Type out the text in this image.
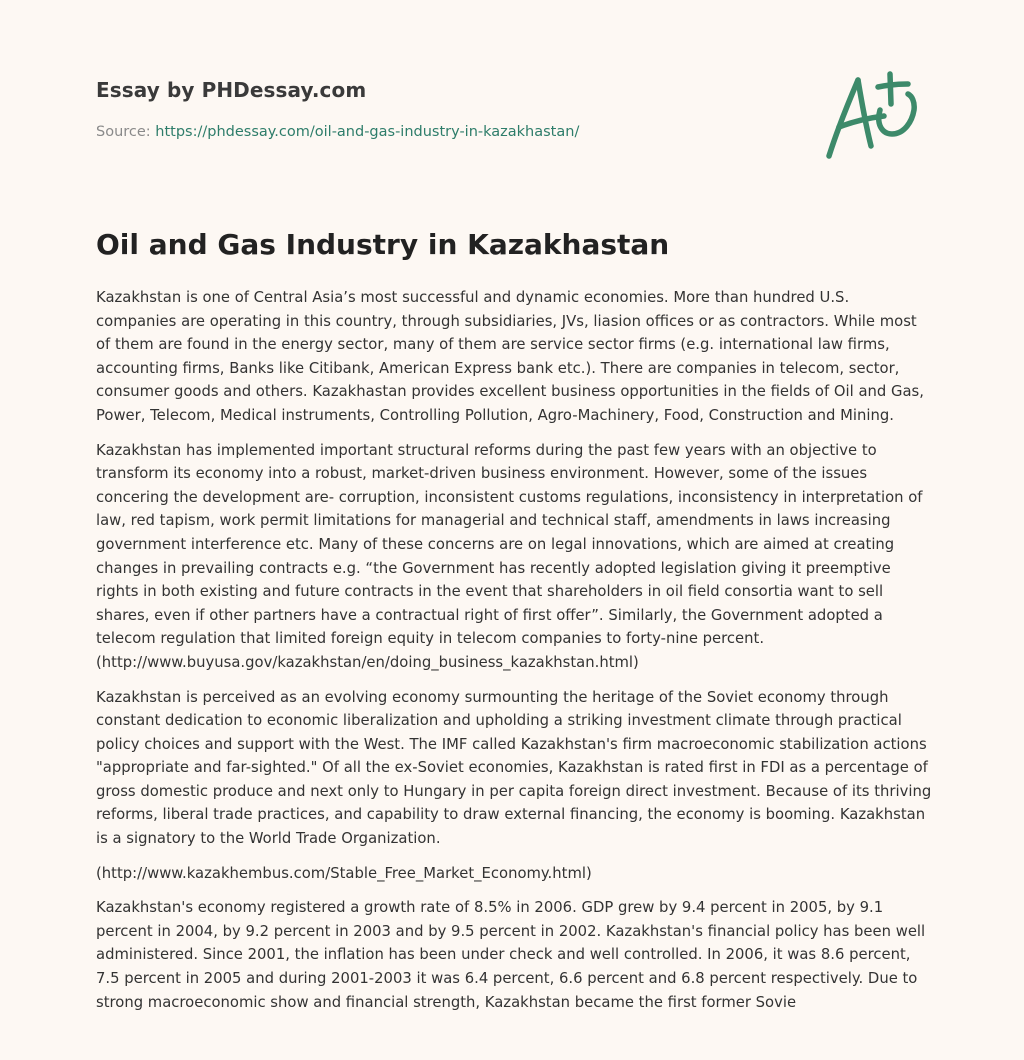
Essay by PHDessay.com
Source: https://phdessay.com/oil-and-gas-industry-in-kazakhastan/
Oil and Gas Industry in Kazakhastan

Kazakhstan is one of Central Asia’s most successful and dynamic economies. More than hundred U.S. companies are operating in this country, through subsidiaries, JVs, liasion offices or as contractors. While most of them are found in the energy sector, many of them are service sector firms (e.g. international law firms, accounting firms, Banks like Citibank, American Express bank etc.). There are companies in telecom, sector, consumer goods and others. Kazakhastan provides excellent business opportunities in the fields of Oil and Gas, Power, Telecom, Medical instruments, Controlling Pollution, Agro-Machinery, Food, Construction and Mining.

Kazakhstan has implemented important structural reforms during the past few years with an objective to transform its economy into a robust, market-driven business environment. However, some of the issues concering the development are- corruption, inconsistent customs regulations, inconsistency in interpretation of law, red tapism, work permit limitations for managerial and technical staff, amendments in laws increasing government interference etc. Many of these concerns are on legal innovations, which are aimed at creating changes in prevailing contracts e.g. “the Government has recently adopted legislation giving it preemptive rights in both existing and future contracts in the event that shareholders in oil field consortia want to sell shares, even if other partners have a contractual right of first offer”. Similarly, the Government adopted a telecom regulation that limited foreign equity in telecom companies to forty-nine percent. (http://www.buyusa.gov/kazakhstan/en/doing_business_kazakhstan.html)

Kazakhstan is perceived as an evolving economy surmounting the heritage of the Soviet economy through constant dedication to economic liberalization and upholding a striking investment climate through practical policy choices and support with the West. The IMF called Kazakhstan's firm macroeconomic stabilization actions "appropriate and far-sighted." Of all the ex-Soviet economies, Kazakhstan is rated first in FDI as a percentage of gross domestic produce and next only to Hungary in per capita foreign direct investment. Because of its thriving reforms, liberal trade practices, and capability to draw external financing, the economy is booming. Kazakhstan is a signatory to the World Trade Organization.

(http://www.kazakhembus.com/Stable_Free_Market_Economy.html)

Kazakhstan's economy registered a growth rate of 8.5% in 2006. GDP grew by 9.4 percent in 2005, by 9.1 percent in 2004, by 9.2 percent in 2003 and by 9.5 percent in 2002. Kazakhstan's financial policy has been well administered. Since 2001, the inflation has been under check and well controlled. In 2006, it was 8.6 percent, 7.5 percent in 2005 and during 2001-2003 it was 6.4 percent, 6.6 percent and 6.8 percent respectively. Due to strong macroeconomic show and financial strength, Kazakhstan became the first former Sovie
